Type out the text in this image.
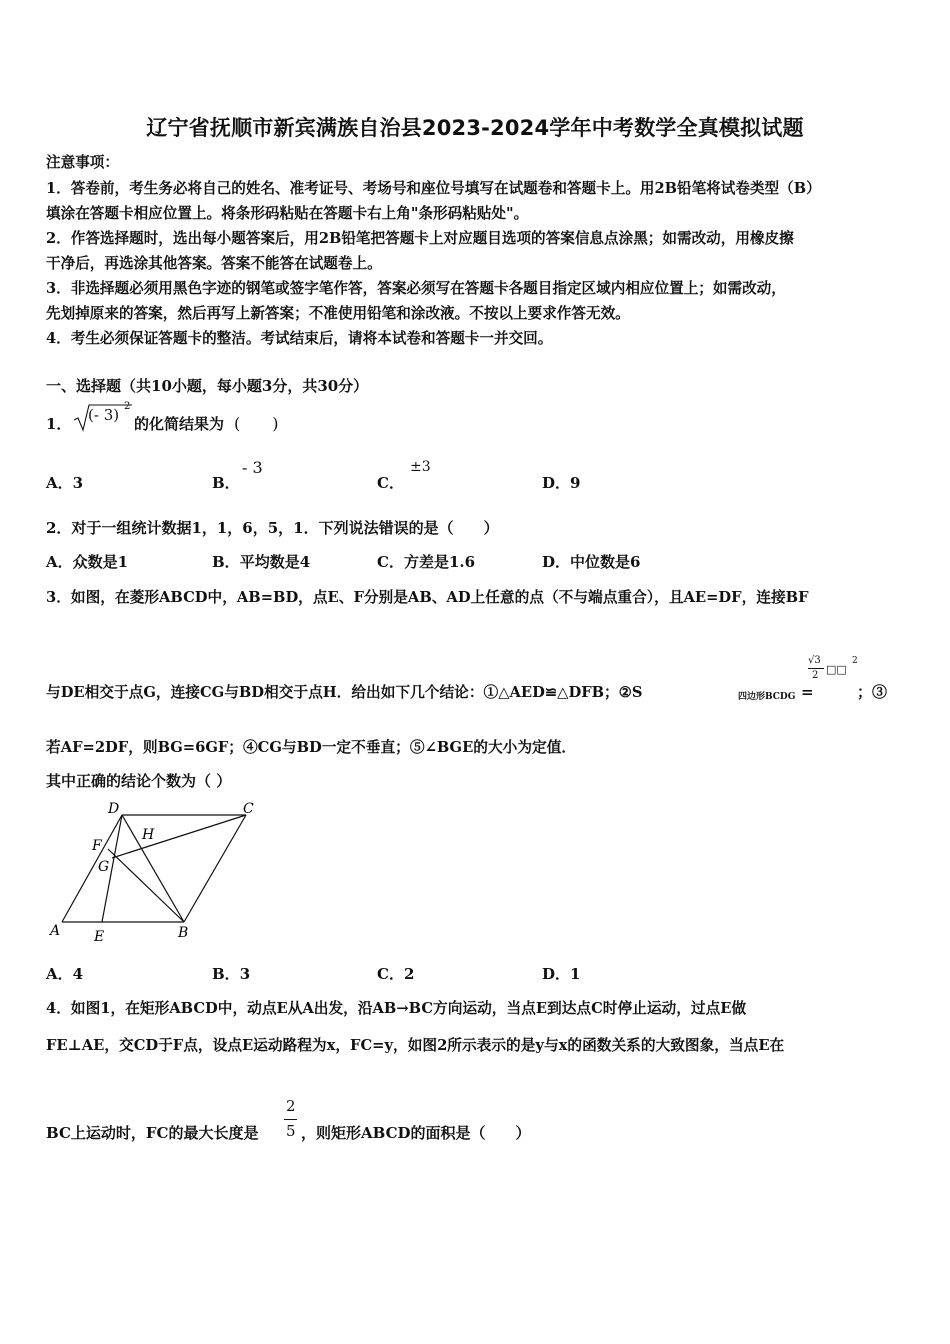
辽宁省抚顺市新宾满族自治县2023-2024学年中考数学全真模拟试题
注意事项：
1．答卷前，考生务必将自己的姓名、准考证号、考场号和座位号填写在试题卷和答题卡上。用2B铅笔将试卷类型（B）
填涂在答题卡相应位置上。将条形码粘贴在答题卡右上角"条形码粘贴处"。
2．作答选择题时，选出每小题答案后，用2B铅笔把答题卡上对应题目选项的答案信息点涂黑；如需改动，用橡皮擦
干净后，再选涂其他答案。答案不能答在试题卷上。
3．非选择题必须用黑色字迹的钢笔或签字笔作答，答案必须写在答题卡各题目指定区域内相应位置上；如需改动，
先划掉原来的答案，然后再写上新答案；不准使用铅笔和涂改液。不按以上要求作答无效。
4．考生必须保证答题卡的整洁。考试结束后，请将本试卷和答题卡一并交回。
一、选择题（共10小题，每小题3分，共30分）
1． (- 3) 2
的化简结果为 (　　)
A．3	B．
- 3
C．
±3
D．9
2．对于一组统计数据1，1，6，5，1．下列说法错误的是（　　）
A．众数是1	B．平均数是4	C．方差是1.6	D．中位数是6
3．如图，在菱形ABCD中，AB=BD，点E、F分别是AB、AD上任意的点（不与端点重合），且AE=DF，连接BF
与DE相交于点G，连接CG与BD相交于点H．给出如下几个结论：①△AED≌△DFB；②S	四边形BCDG =
√3
2 □□
2
；③
若AF=2DF，则BG=6GF；④CG与BD一定不垂直；⑤∠BGE的大小为定值．
其中正确的结论个数为（ ）
D	C
H
F
G
A E	B
A．4	B．3	C．2	D．1
4．如图1，在矩形ABCD中，动点E从A出发，沿AB→BC方向运动，当点E到达点C时停止运动，过点E做
FE⊥AE，交CD于F点，设点E运动路程为x，FC=y，如图2所示表示的是y与x的函数关系的大致图象，当点E在
BC上运动时，FC的最大长度是
2
5 ，则矩形ABCD的面积是（　　）
